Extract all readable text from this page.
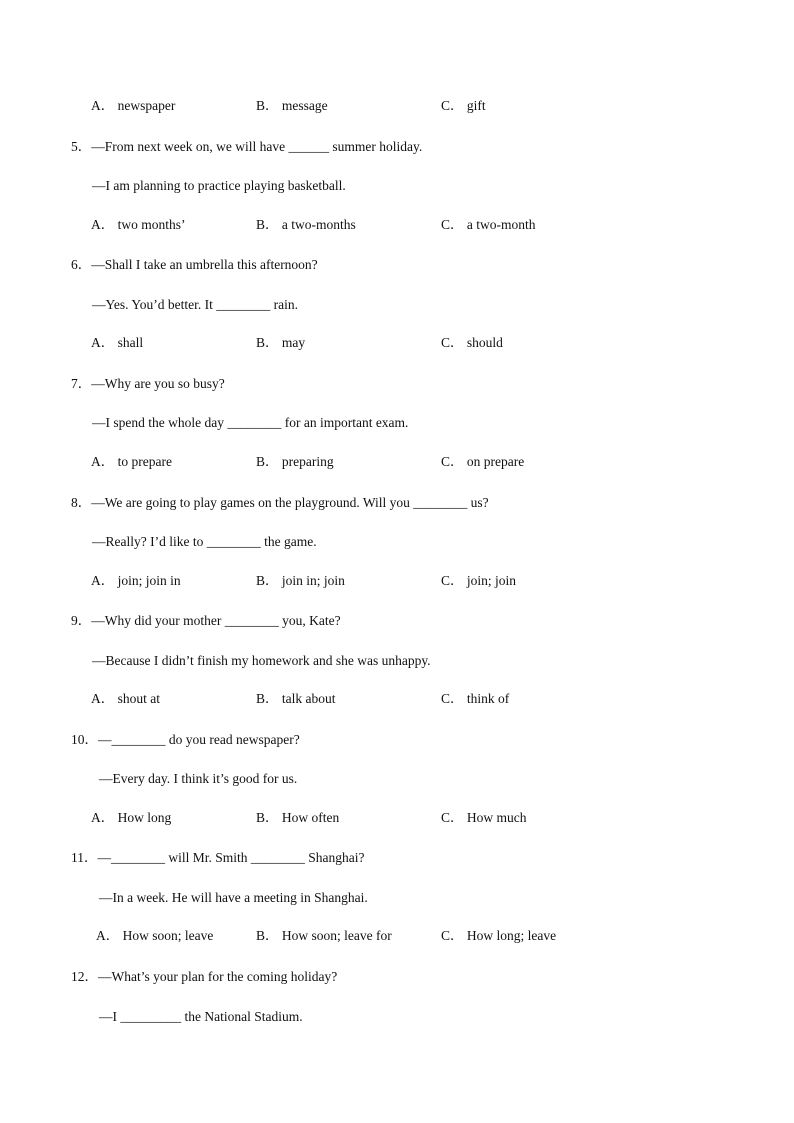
A． newspaper	B． message	C． gift
5．—From next week on, we will have ______ summer holiday.
—I am planning to practice playing basketball.
A． two months’	B． a two-months	C． a two-month
6．—Shall I take an umbrella this afternoon?
—Yes. You’d better. It ________ rain.
A． shall	B． may	C． should
7．—Why are you so busy?
—I spend the whole day ________ for an important exam.
A． to prepare	B． preparing	C． on prepare
8．—We are going to play games on the playground. Will you ________ us?
—Really? I’d like to ________ the game.
A． join; join in	B． join in; join	C． join; join
9．—Why did your mother ________ you, Kate?
—Because I didn’t finish my homework and she was unhappy.
A． shout at	B． talk about	C． think of
10．—________ do you read newspaper?
—Every day. I think it’s good for us.
A． How long	B． How often	C． How much
11．—________ will Mr. Smith ________ Shanghai?
—In a week. He will have a meeting in Shanghai.
A． How soon; leave	B． How soon; leave for	C． How long; leave
12．—What’s your plan for the coming holiday?
—I _________ the National Stadium.
